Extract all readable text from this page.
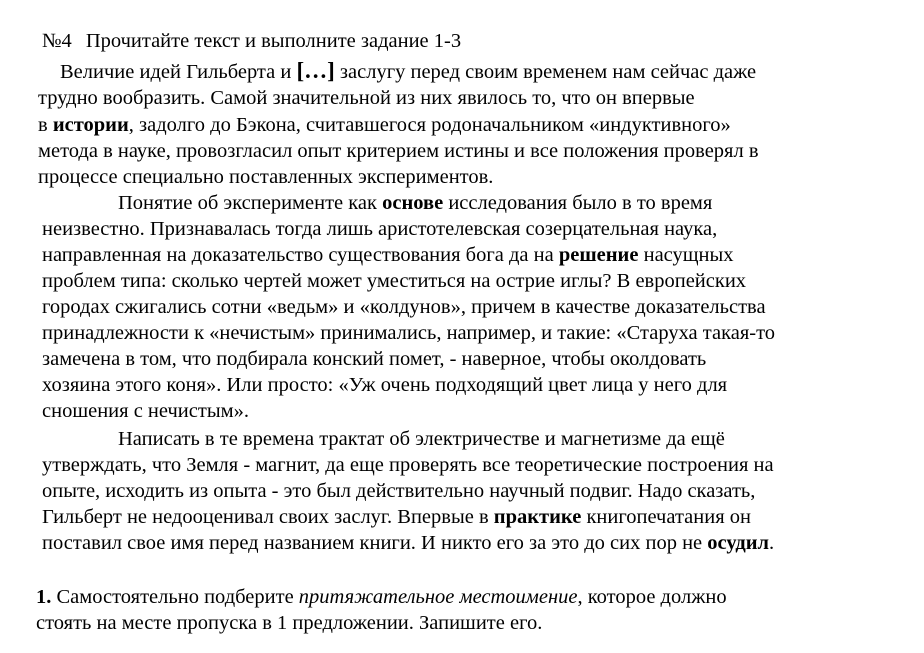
№4 Прочитайте текст и выполните задание 1-3
Величие идей Гильберта и […] заслугу перед своим временем нам сейчас даже
трудно вообразить. Самой значительной из них явилось то, что он впервые
в истории, задолго до Бэкона, считавшегося родоначальником «индуктивного»
метода в науке, провозгласил опыт критерием истины и все положения проверял в
процессе специально поставленных экспериментов.
Понятие об эксперименте как основе исследования было в то время
неизвестно. Признавалась тогда лишь аристотелевская созерцательная наука,
направленная на доказательство существования бога да на решение насущных
проблем типа: сколько чертей может уместиться на острие иглы? В европейских
городах сжигались сотни «ведьм» и «колдунов», причем в качестве доказательства
принадлежности к «нечистым» принимались, например, и такие: «Старуха такая-то
замечена в том, что подбирала конский помет, - наверное, чтобы околдовать
хозяина этого коня». Или просто: «Уж очень подходящий цвет лица у него для
сношения с нечистым».
Написать в те времена трактат об электричестве и магнетизме да ещё
утверждать, что Земля - магнит, да еще проверять все теоретические построения на
опыте, исходить из опыта - это был действительно научный подвиг. Надо сказать,
Гильберт не недооценивал своих заслуг. Впервые в практике книгопечатания он
поставил свое имя перед названием книги. И никто его за это до сих пор не осудил.
1. Самостоятельно подберите притяжательное местоимение, которое должно
стоять на месте пропуска в 1 предложении. Запишите его.
